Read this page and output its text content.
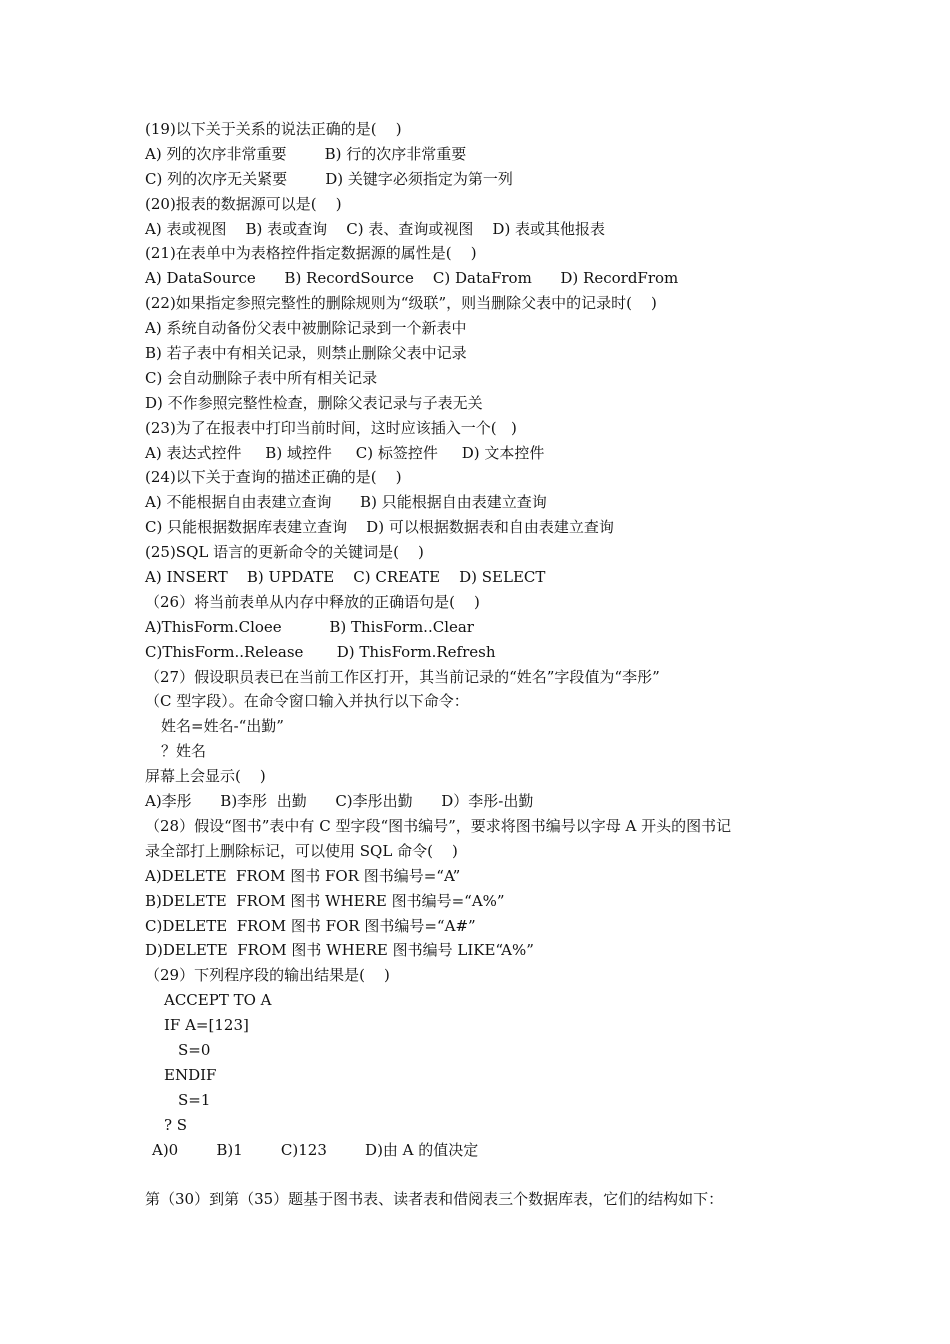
(19)以下关于关系的说法正确的是(    )
A) 列的次序非常重要        B) 行的次序非常重要
C) 列的次序无关紧要        D) 关键字必须指定为第一列
(20)报表的数据源可以是(    )
A) 表或视图    B) 表或查询    C) 表、查询或视图    D) 表或其他报表
(21)在表单中为表格控件指定数据源的属性是(    )
A) DataSource      B) RecordSource    C) DataFrom      D) RecordFrom
(22)如果指定参照完整性的删除规则为“级联”，则当删除父表中的记录时(    )
A) 系统自动备份父表中被删除记录到一个新表中
B) 若子表中有相关记录，则禁止删除父表中记录
C) 会自动删除子表中所有相关记录
D) 不作参照完整性检查，删除父表记录与子表无关
(23)为了在报表中打印当前时间，这时应该插入一个(   )
A) 表达式控件     B) 域控件     C) 标签控件     D) 文本控件
(24)以下关于查询的描述正确的是(    )
A) 不能根据自由表建立查询      B) 只能根据自由表建立查询
C) 只能根据数据库表建立查询    D) 可以根据数据表和自由表建立查询
(25)SQL 语言的更新命令的关键词是(    )
A) INSERT    B) UPDATE    C) CREATE    D) SELECT
（26）将当前表单从内存中释放的正确语句是(    )
A)ThisForm.Cloee          B) ThisForm..Clear
C)ThisForm..Release       D) ThisForm.Refresh
（27）假设职员表已在当前工作区打开，其当前记录的“姓名”字段值为“李彤”
（C 型字段）。在命令窗口输入并执行以下命令：
姓名=姓名-“出勤”
？姓名
屏幕上会显示(    )
A)李彤      B)李彤  出勤      C)李彤出勤      D）李彤-出勤
（28）假设“图书”表中有 C 型字段“图书编号”，要求将图书编号以字母 A 开头的图书记
录全部打上删除标记，可以使用 SQL 命令(    )
A)DELETE  FROM 图书 FOR 图书编号=“A”
B)DELETE  FROM 图书 WHERE 图书编号=“A%”
C)DELETE  FROM 图书 FOR 图书编号=“A#”
D)DELETE  FROM 图书 WHERE 图书编号 LIKE“A%”
（29）下列程序段的输出结果是(    )
ACCEPT TO A
IF A=[123]
S=0
ENDIF
S=1
? S
A)0        B)1        C)123        D)由 A 的值决定
第（30）到第（35）题基于图书表、读者表和借阅表三个数据库表，它们的结构如下：
